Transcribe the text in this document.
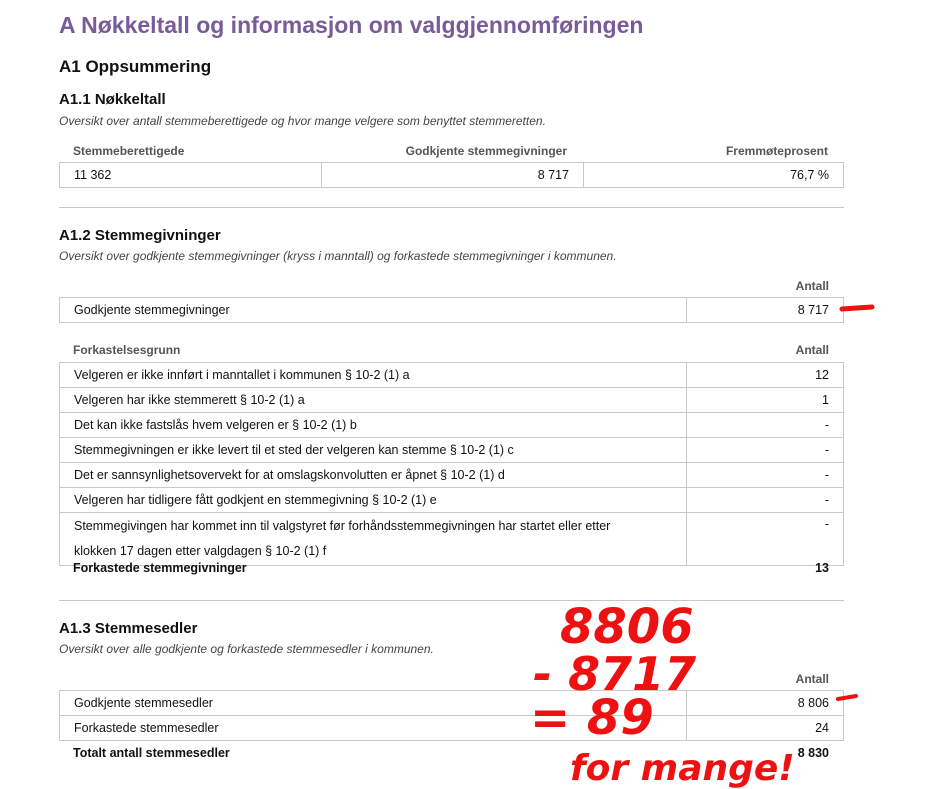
A Nøkkeltall og informasjon om valggjennomføringen
A1 Oppsummering
A1.1 Nøkkeltall
Oversikt over antall stemmeberettigede og hvor mange velgere som benyttet stemmeretten.
Stemmeberettigede	Godkjente stemmegivninger	Fremmøteprosent
11 362	8 717	76,7 %
A1.2 Stemmegivninger
Oversikt over godkjente stemmegivninger (kryss i manntall) og forkastede stemmegivninger i kommunen.
Antall
Godkjente stemmegivninger	8 717
Forkastelsesgrunn	Antall
Velgeren er ikke innført i manntallet i kommunen § 10-2 (1) a	12
Velgeren har ikke stemmerett § 10-2 (1) a	1
Det kan ikke fastslås hvem velgeren er § 10-2 (1) b	-
Stemmegivningen er ikke levert til et sted der velgeren kan stemme § 10-2 (1) c	-
Det er sannsynlighetsovervekt for at omslagskonvolutten er åpnet § 10-2 (1) d	-
Velgeren har tidligere fått godkjent en stemmegivning § 10-2 (1) e	-
Stemmegivingen har kommet inn til valgstyret før forhåndsstemmegivningen har startet eller etter klokken 17 dagen etter valgdagen § 10-2 (1) f	-
Forkastede stemmegivninger	13
A1.3 Stemmesedler
Oversikt over alle godkjente og forkastede stemmesedler i kommunen.
Antall
Godkjente stemmesedler	8 806
Forkastede stemmesedler	24
Totalt antall stemmesedler	8 830
8806
- 8717
= 89
for mange!
